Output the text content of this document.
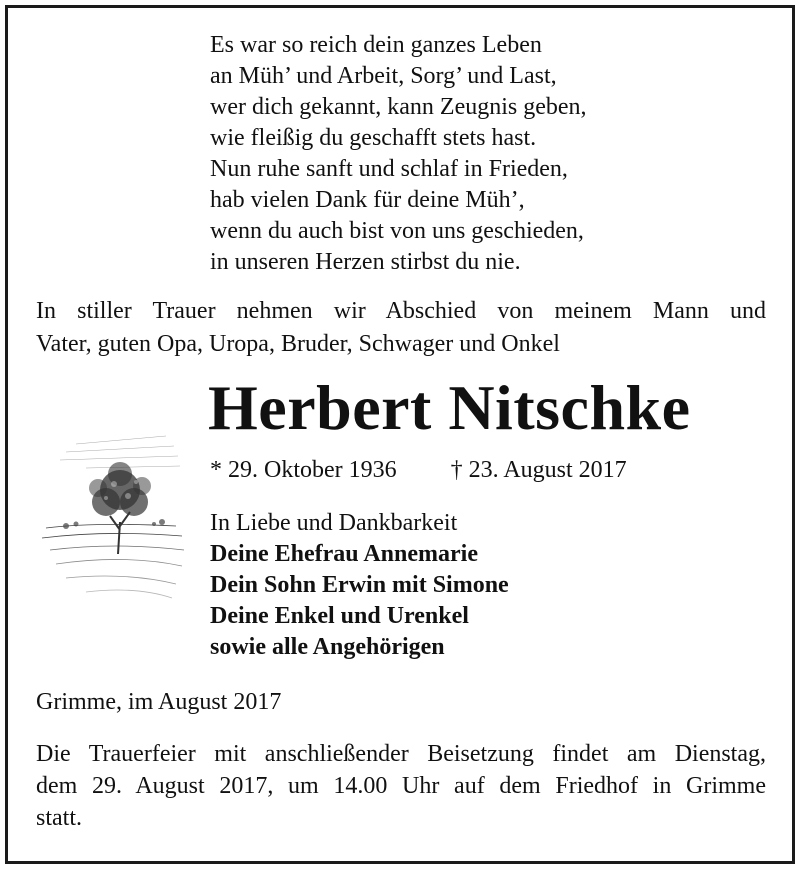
Es war so reich dein ganzes Leben
an Müh’ und Arbeit, Sorg’ und Last,
wer dich gekannt, kann Zeugnis geben,
wie fleißig du geschafft stets hast.
Nun ruhe sanft und schlaf in Frieden,
hab vielen Dank für deine Müh’,
wenn du auch bist von uns geschieden,
in unseren Herzen stirbst du nie.
In stiller Trauer nehmen wir Abschied von meinem Mann und
Vater, guten Opa, Uropa, Bruder, Schwager und Onkel
Herbert Nitschke
* 29. Oktober 1936 † 23. August 2017
In Liebe und Dankbarkeit
Deine Ehefrau Annemarie
Dein Sohn Erwin mit Simone
Deine Enkel und Urenkel
sowie alle Angehörigen
Grimme, im August 2017
Die Trauerfeier mit anschließender Beisetzung findet am Dienstag,
dem 29. August 2017, um 14.00 Uhr auf dem Friedhof in Grimme
statt.
